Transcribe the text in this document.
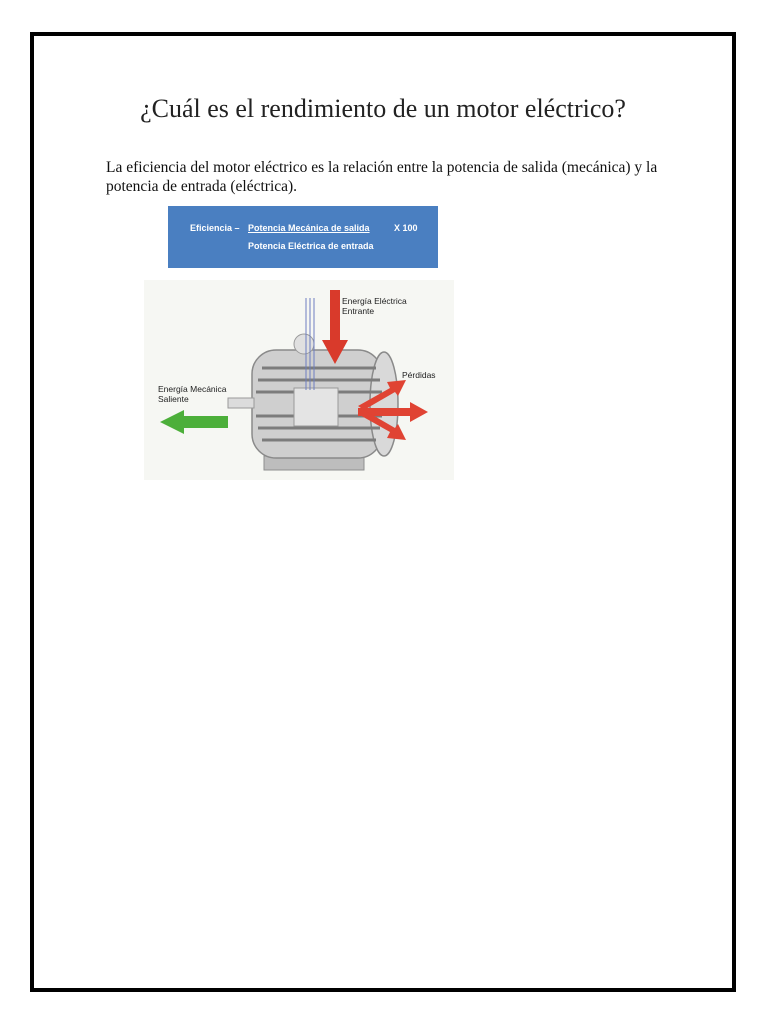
¿Cuál es el rendimiento de un motor eléctrico?

La eficiencia del motor eléctrico es la relación entre la potencia de salida (mecánica) y la potencia de entrada (eléctrica).

Eficiencia – Potencia Mecánica de salida	X 100
Potencia Eléctrica de entrada
Energía Eléctrica
Entrante
Energía Mecánica
Saliente
Pérdidas
